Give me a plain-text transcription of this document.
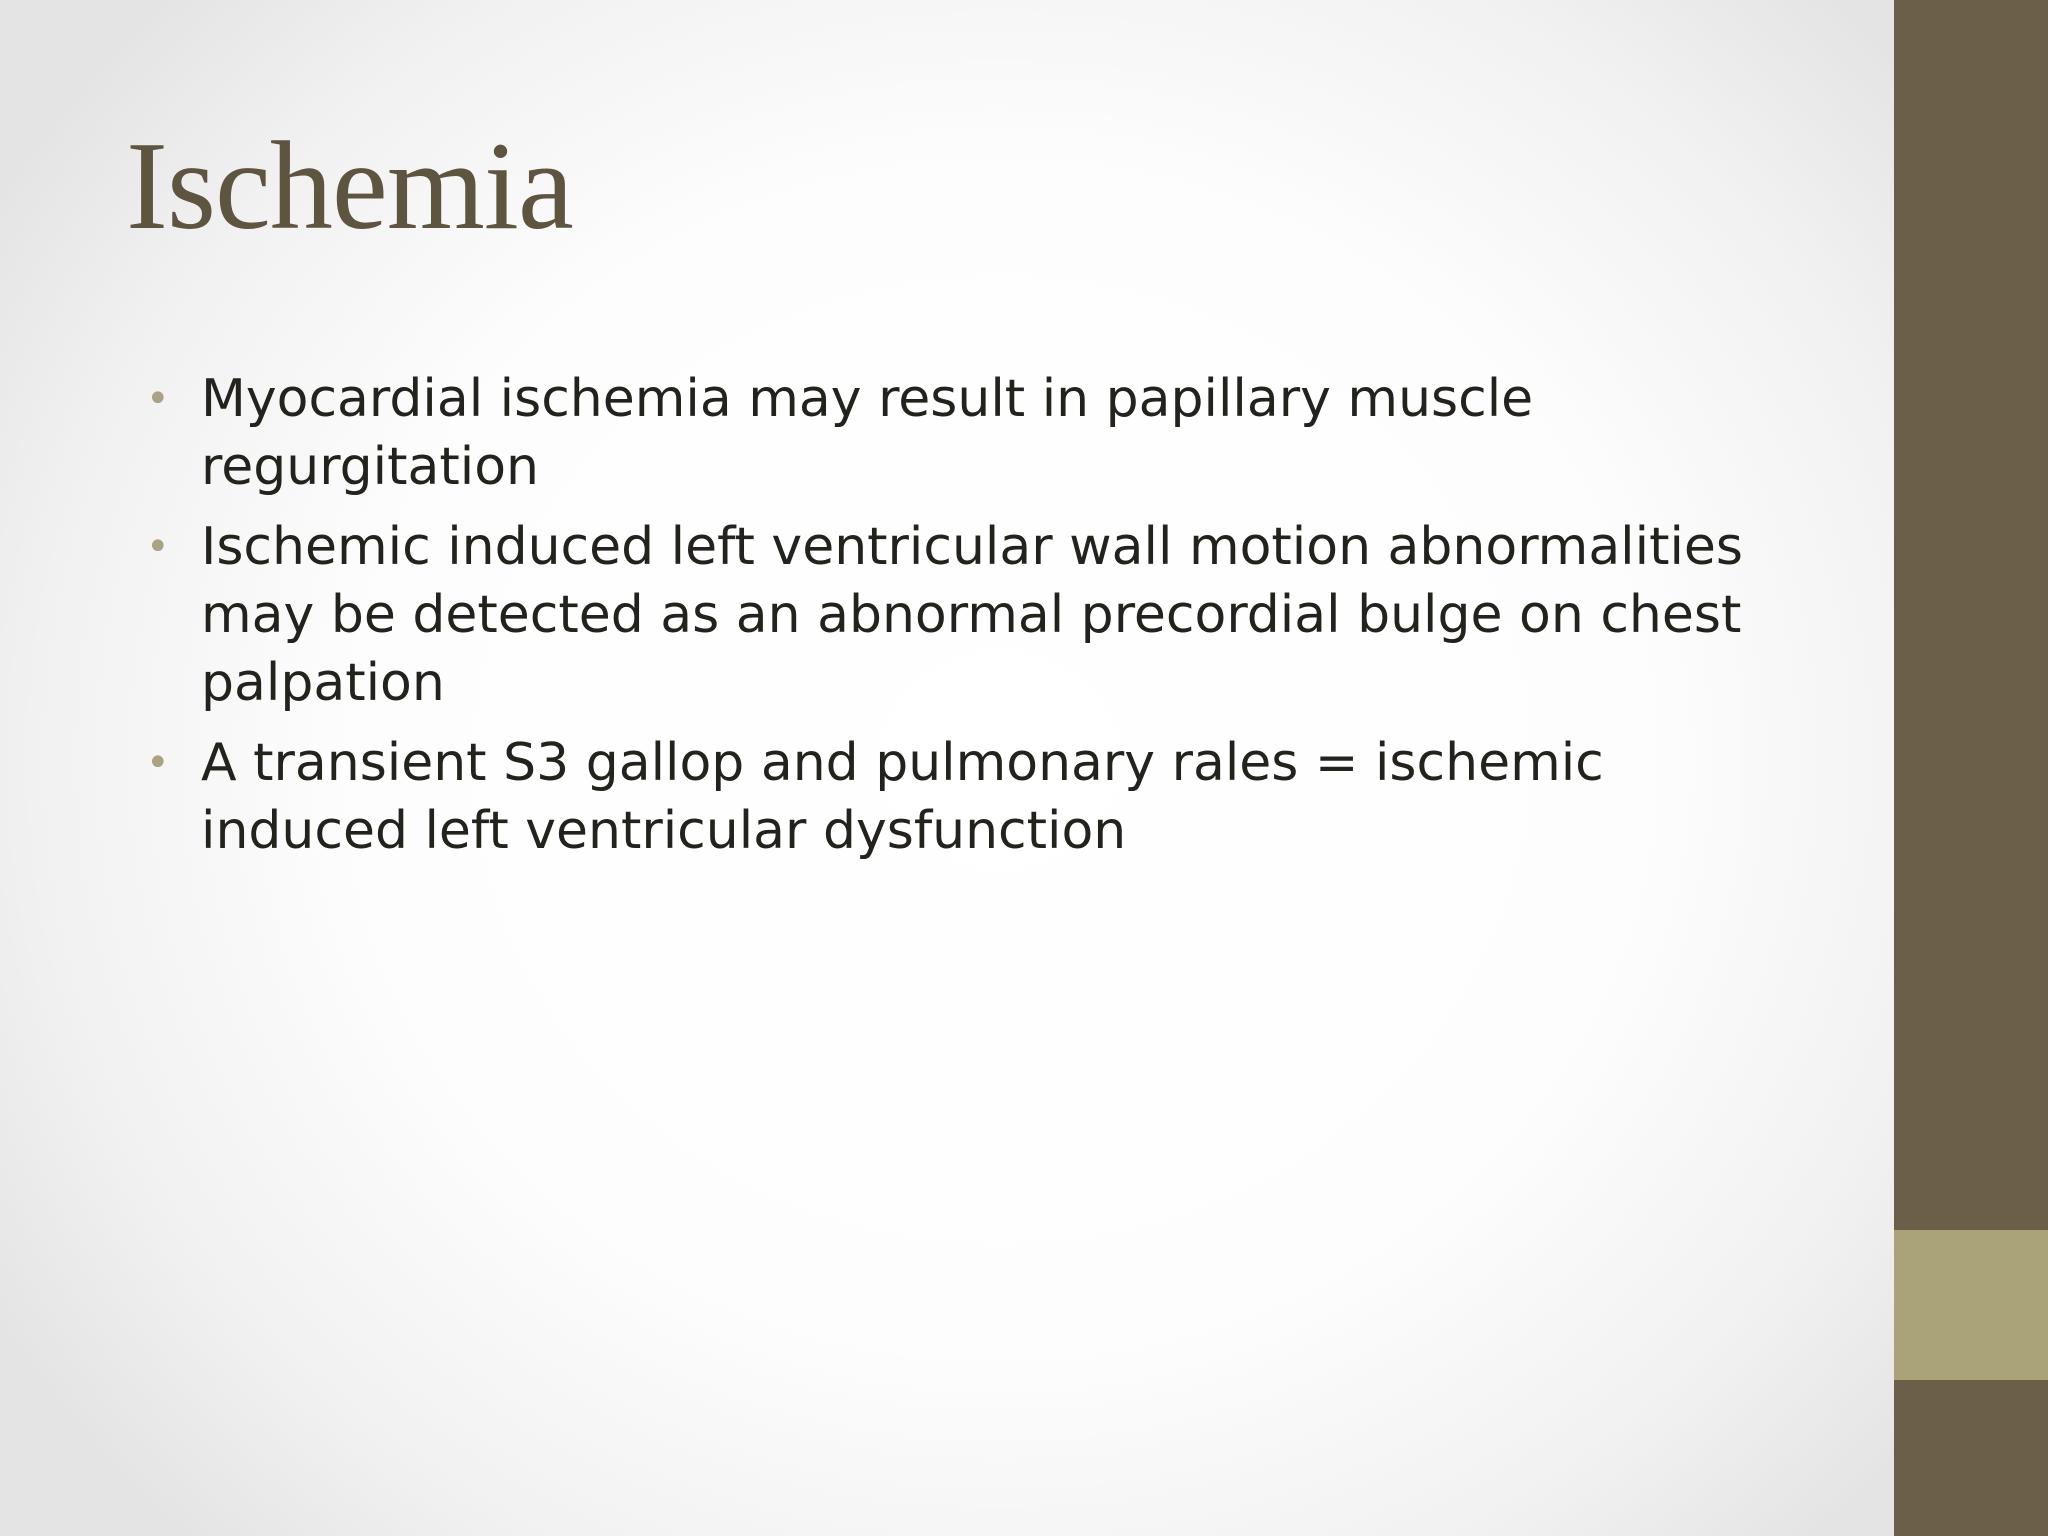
Ischemia
• Myocardial ischemia may result in papillary muscle regurgitation
• Ischemic induced left ventricular wall motion abnormalities may be detected as an abnormal precordial bulge on chest palpation
• A transient S3 gallop and pulmonary rales = ischemic induced left ventricular dysfunction
